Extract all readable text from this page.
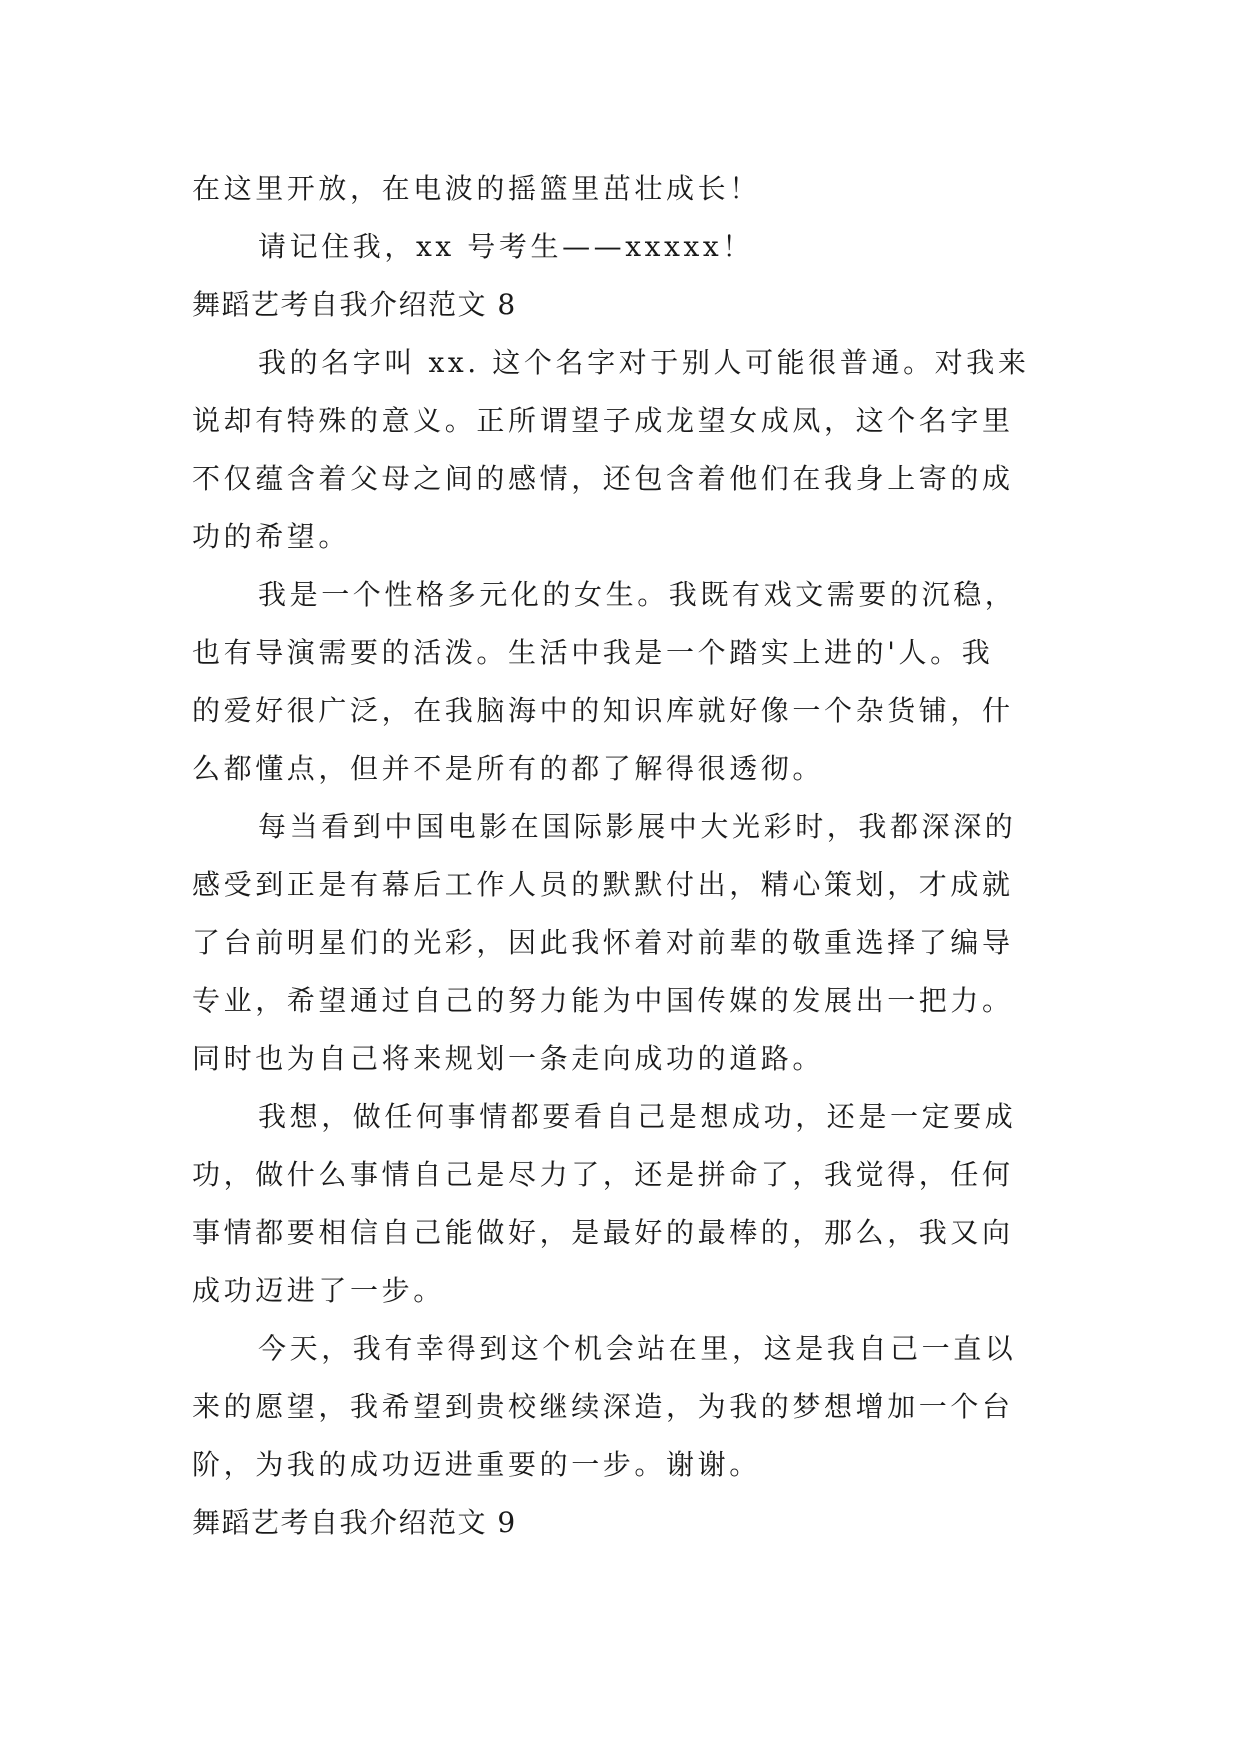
在这里开放，在电波的摇篮里茁壮成长！
请记住我，xx 号考生——xxxxx！
舞蹈艺考自我介绍范文 8
我的名字叫 xx. 这个名字对于别人可能很普通。对我来
说却有特殊的意义。正所谓望子成龙望女成凤，这个名字里
不仅蕴含着父母之间的感情，还包含着他们在我身上寄的成
功的希望。
我是一个性格多元化的女生。我既有戏文需要的沉稳，
也有导演需要的活泼。生活中我是一个踏实上进的'人。我
的爱好很广泛，在我脑海中的知识库就好像一个杂货铺，什
么都懂点，但并不是所有的都了解得很透彻。
每当看到中国电影在国际影展中大光彩时，我都深深的
感受到正是有幕后工作人员的默默付出，精心策划，才成就
了台前明星们的光彩，因此我怀着对前辈的敬重选择了编导
专业，希望通过自己的努力能为中国传媒的发展出一把力。
同时也为自己将来规划一条走向成功的道路。
我想，做任何事情都要看自己是想成功，还是一定要成
功，做什么事情自己是尽力了，还是拼命了，我觉得，任何
事情都要相信自己能做好，是最好的最棒的，那么，我又向
成功迈进了一步。
今天，我有幸得到这个机会站在里，这是我自己一直以
来的愿望，我希望到贵校继续深造，为我的梦想增加一个台
阶，为我的成功迈进重要的一步。谢谢。
舞蹈艺考自我介绍范文 9
